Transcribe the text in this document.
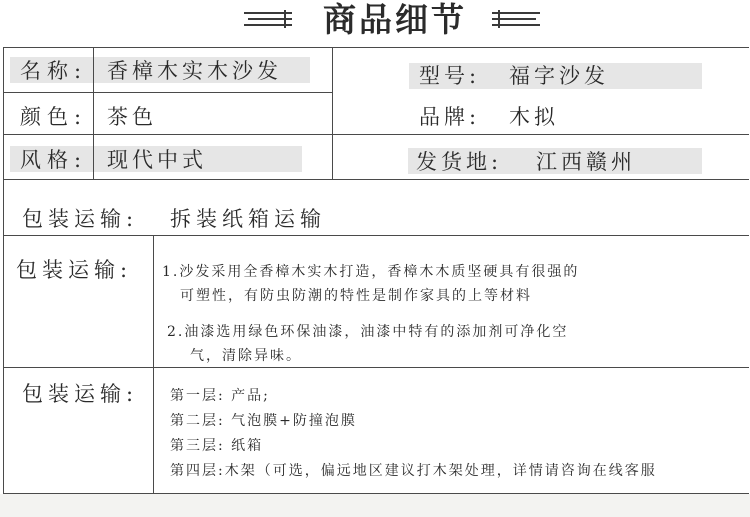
商品细节
名称: 香樟木实木沙发	型号: 福字沙发
颜色: 茶色	品牌: 木拟
风格: 现代中式	发货地: 江西赣州
包装运输: 拆装纸箱运输
包装运输: 1.沙发采用全香樟木实木打造，香樟木木质坚硬具有很强的
可塑性，有防虫防潮的特性是制作家具的上等材料
2.油漆选用绿色环保油漆，油漆中特有的添加剂可净化空
气，清除异味。
包装运输: 第一层: 产品;
第二层: 气泡膜+防撞泡膜
第三层: 纸箱
第四层:木架（可选，偏远地区建议打木架处理，详情请咨询在线客服
